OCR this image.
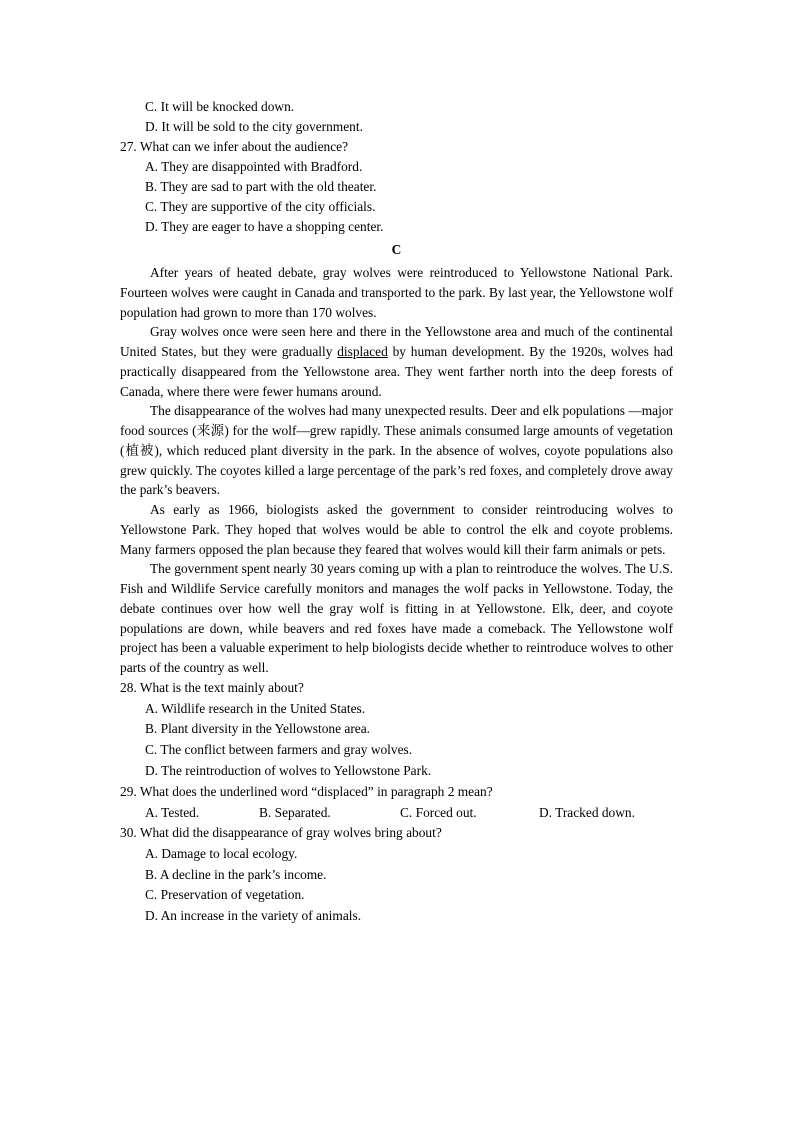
C. It will be knocked down.
D. It will be sold to the city government.
27. What can we infer about the audience?
A. They are disappointed with Bradford.
B. They are sad to part with the old theater.
C. They are supportive of the city officials.
D. They are eager to have a shopping center.
C

After years of heated debate, gray wolves were reintroduced to Yellowstone National Park. Fourteen wolves were caught in Canada and transported to the park. By last year, the Yellowstone wolf population had grown to more than 170 wolves.

Gray wolves once were seen here and there in the Yellowstone area and much of the continental United States, but they were gradually displaced by human development. By the 1920s, wolves had practically disappeared from the Yellowstone area. They went farther north into the deep forests of Canada, where there were fewer humans around.

The disappearance of the wolves had many unexpected results. Deer and elk populations —major food sources (来源) for the wolf—grew rapidly. These animals consumed large amounts of vegetation (植被), which reduced plant diversity in the park. In the absence of wolves, coyote populations also grew quickly. The coyotes killed a large percentage of the park’s red foxes, and completely drove away the park’s beavers.

As early as 1966, biologists asked the government to consider reintroducing wolves to Yellowstone Park. They hoped that wolves would be able to control the elk and coyote problems. Many farmers opposed the plan because they feared that wolves would kill their farm animals or pets.

The government spent nearly 30 years coming up with a plan to reintroduce the wolves. The U.S. Fish and Wildlife Service carefully monitors and manages the wolf packs in Yellowstone. Today, the debate continues over how well the gray wolf is fitting in at Yellowstone. Elk, deer, and coyote populations are down, while beavers and red foxes have made a comeback. The Yellowstone wolf project has been a valuable experiment to help biologists decide whether to reintroduce wolves to other parts of the country as well.

28. What is the text mainly about?
A. Wildlife research in the United States.
B. Plant diversity in the Yellowstone area.
C. The conflict between farmers and gray wolves.
D. The reintroduction of wolves to Yellowstone Park.
29. What does the underlined word “displaced” in paragraph 2 mean?
A. Tested.	B. Separated.	C. Forced out.	D. Tracked down.
30. What did the disappearance of gray wolves bring about?
A. Damage to local ecology.
B. A decline in the park’s income.
C. Preservation of vegetation.
D. An increase in the variety of animals.
